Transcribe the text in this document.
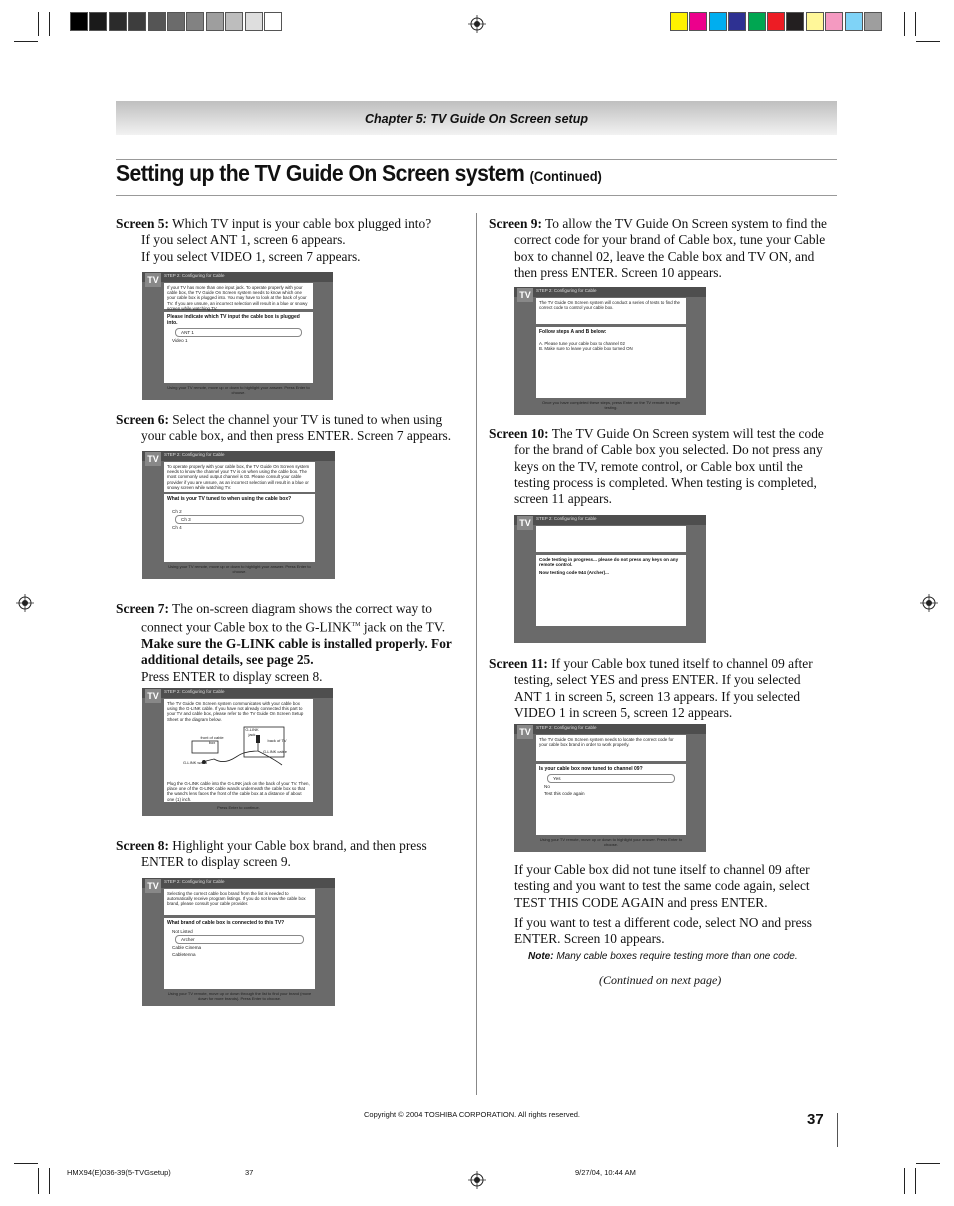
Chapter 5: TV Guide On Screen setup
Setting up the TV Guide On Screen system (Continued)

Screen 5: Which TV input is your cable box plugged into?
If you select ANT 1, screen 6 appears.
If you select VIDEO 1, screen 7 appears.

TV	STEP 2: Configuring for Cable
If your TV has more than one input jack. To operate properly with your cable box, the TV Guide On Screen system needs to know which one your cable box is plugged into. You may have to look at the back of your TV. If you are unsure, an incorrect selection will result in a blue or snowy screen while watching TV.
Please indicate which TV input the cable box is plugged into.
ANT 1
Video 1
Using your TV remote, move up or down to highlight your answer. Press Enter to choose.

Screen 6: Select the channel your TV is tuned to when using
your cable box, and then press ENTER. Screen 7 appears.

TV	STEP 2: Configuring for Cable
To operate properly with your cable box, the TV Guide On Screen system needs to know the channel your TV is on when using the cable box. The most commonly used output channel is 03. Please consult your cable provider if you are unsure, as an incorrect selection will result in a blue or snowy screen while watching TV.
What is your TV tuned to when using the cable box?
Ch 2
Ch 3
Ch 4
Using your TV remote, move up or down to highlight your answer. Press Enter to choose.

Screen 7: The on-screen diagram shows the correct way to
connect your Cable box to the G-LINK™ jack on the TV.
Make sure the G-LINK cable is installed properly. For
additional details, see page 25.
Press ENTER to display screen 8.

TV	STEP 2: Configuring for Cable
The TV Guide On Screen system communicates with your cable box using the G-LINK cable. If you have not already connected this part to your TV and cable box, please refer to the TV Guide On Screen Setup Sheet or the diagram below.
front of cable box
G-LINK jack
back of TV
G-LINK cable
G-LINK wand
Plug the G-LINK cable into the G-LINK jack on the back of your TV. Then, place one of the G-LINK cable wands underneath the cable box so that the wand's lens faces the front of the cable box at a distance of about one (1) inch.
Press Enter to continue.

Screen 8: Highlight your Cable box brand, and then press
ENTER to display screen 9.

TV	STEP 2: Configuring for Cable
Selecting the correct cable box brand from the list is needed to automatically receive program listings. If you do not know the cable box brand, please consult your cable provider.
What brand of cable box is connected to this TV?
Not Listed
Archer
Cable Cinema
Cabletenna
Using your TV remote, move up or down through the list to find your brand (move down for more brands). Press Enter to choose.

Screen 9: To allow the TV Guide On Screen system to find the
correct code for your brand of Cable box, tune your Cable
box to channel 02, leave the Cable box and TV ON, and
then press ENTER. Screen 10 appears.

TV	STEP 2: Configuring for Cable
The TV Guide On Screen system will conduct a series of tests to find the correct code to control your cable box.
Follow steps A and B below:
A. Please tune your cable box to channel 02
B. Make sure to leave your cable box turned ON
Once you have completed these steps, press Enter on the TV remote to begin testing.

Screen 10: The TV Guide On Screen system will test the code
for the brand of Cable box you selected. Do not press any
keys on the TV, remote control, or Cable box until the
testing process is completed. When testing is completed,
screen 11 appears.

TV	STEP 2: Configuring for Cable
Code testing in progress... please do not press any keys on any remote control.
Now testing code 944 (Archer)...

Screen 11: If your Cable box tuned itself to channel 09 after
testing, select YES and press ENTER. If you selected
ANT 1 in screen 5, screen 13 appears. If you selected
VIDEO 1 in screen 5, screen 12 appears.

TV	STEP 2: Configuring for Cable
The TV Guide On Screen system needs to locate the correct code for your cable box brand in order to work properly.
Is your cable box now tuned to channel 09?
Yes
No
Test this code again
Using your TV remote, move up or down to highlight your answer. Press Enter to choose.

If your Cable box did not tune itself to channel 09 after
testing and you want to test the same code again, select
TEST THIS CODE AGAIN and press ENTER.
If you want to test a different code, select NO and press
ENTER. Screen 10 appears.

Note: Many cable boxes require testing more than one code.
(Continued on next page)
Copyright © 2004 TOSHIBA CORPORATION. All rights reserved.	37
HMX94(E)036-39(5-TVGsetup)	37	9/27/04, 10:44 AM
